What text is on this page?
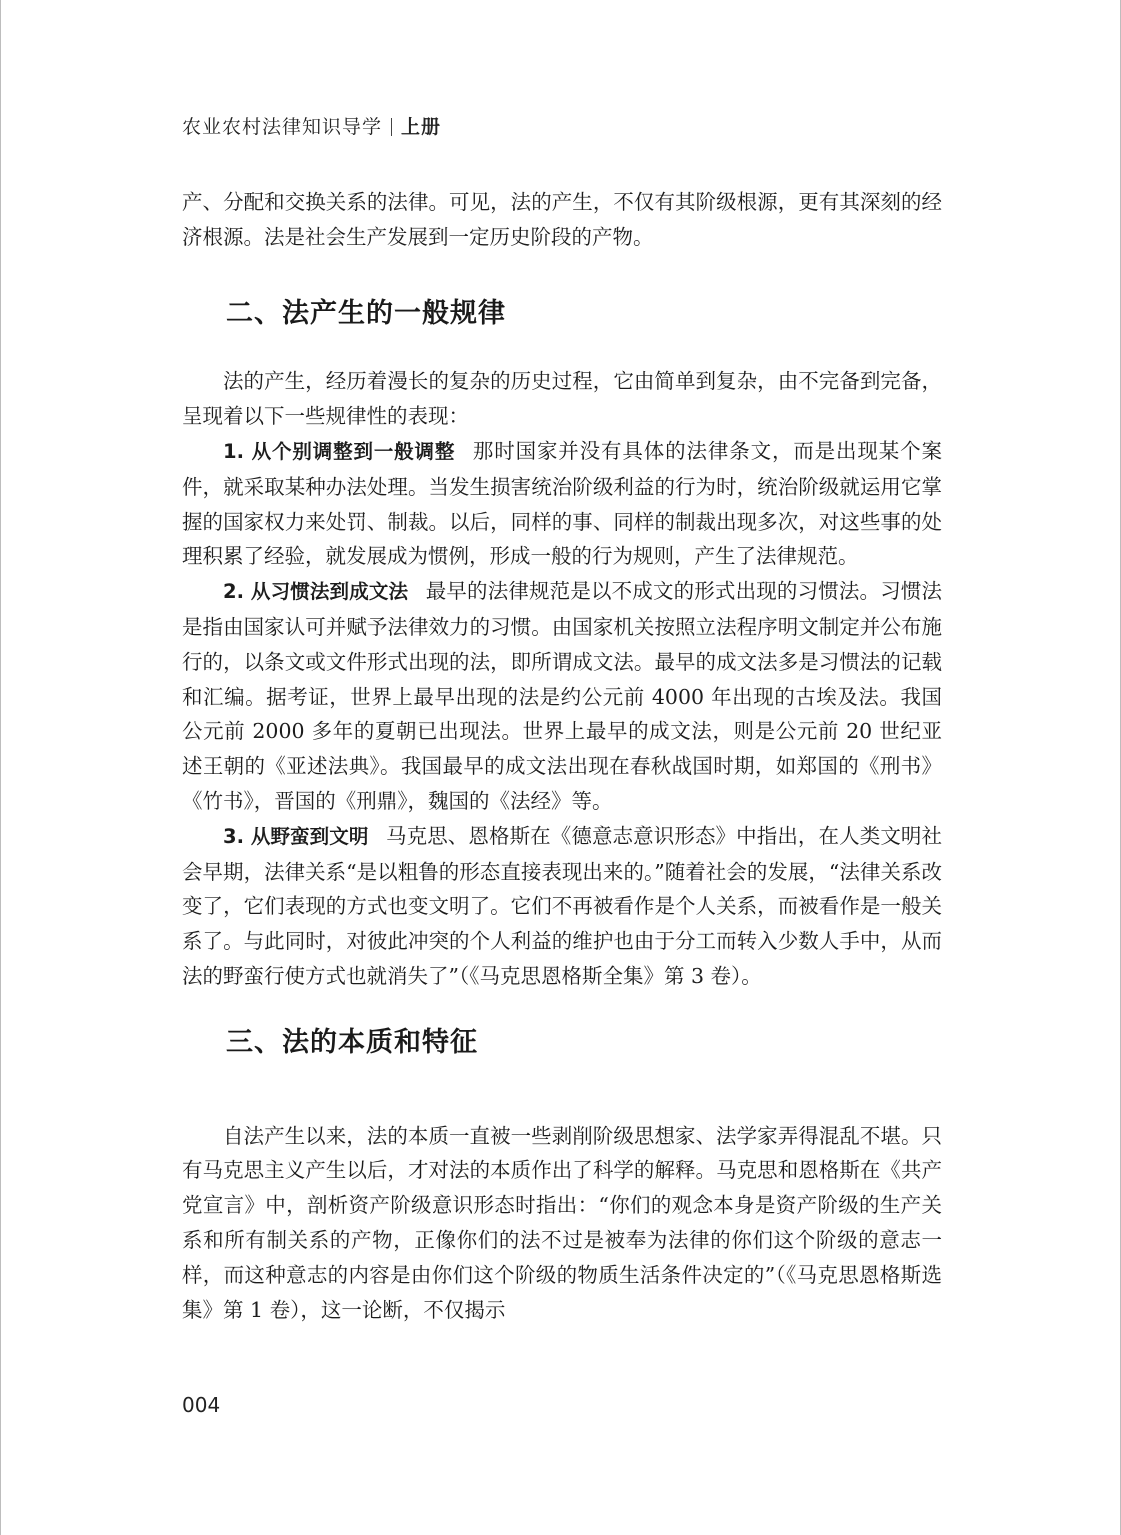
农业农村法律知识导学 上册

产、分配和交换关系的法律。可见，法的产生，不仅有其阶级根源，更有其深刻的经济根源。法是社会生产发展到一定历史阶段的产物。

二、法产生的一般规律

法的产生，经历着漫长的复杂的历史过程，它由简单到复杂，由不完备到完备，呈现着以下一些规律性的表现：

1. 从个别调整到一般调整 那时国家并没有具体的法律条文，而是出现某个案件，就采取某种办法处理。当发生损害统治阶级利益的行为时，统治阶级就运用它掌握的国家权力来处罚、制裁。以后，同样的事、同样的制裁出现多次，对这些事的处理积累了经验，就发展成为惯例，形成一般的行为规则，产生了法律规范。

2. 从习惯法到成文法 最早的法律规范是以不成文的形式出现的习惯法。习惯法是指由国家认可并赋予法律效力的习惯。由国家机关按照立法程序明文制定并公布施行的，以条文或文件形式出现的法，即所谓成文法。最早的成文法多是习惯法的记载和汇编。据考证，世界上最早出现的法是约公元前 4000 年出现的古埃及法。我国公元前 2000 多年的夏朝已出现法。世界上最早的成文法，则是公元前 20 世纪亚述王朝的《亚述法典》。我国最早的成文法出现在春秋战国时期，如郑国的《刑书》《竹书》，晋国的《刑鼎》，魏国的《法经》等。

3. 从野蛮到文明 马克思、恩格斯在《德意志意识形态》中指出，在人类文明社会早期，法律关系“是以粗鲁的形态直接表现出来的。”随着社会的发展，“法律关系改变了，它们表现的方式也变文明了。它们不再被看作是个人关系，而被看作是一般关系了。与此同时，对彼此冲突的个人利益的维护也由于分工而转入少数人手中，从而法的野蛮行使方式也就消失了”（《马克思恩格斯全集》第 3 卷）。

三、法的本质和特征

自法产生以来，法的本质一直被一些剥削阶级思想家、法学家弄得混乱不堪。只有马克思主义产生以后，才对法的本质作出了科学的解释。马克思和恩格斯在《共产党宣言》中，剖析资产阶级意识形态时指出：“你们的观念本身是资产阶级的生产关系和所有制关系的产物，正像你们的法不过是被奉为法律的你们这个阶级的意志一样，而这种意志的内容是由你们这个阶级的物质生活条件决定的”（《马克思恩格斯选集》第 1 卷），这一论断，不仅揭示

004
